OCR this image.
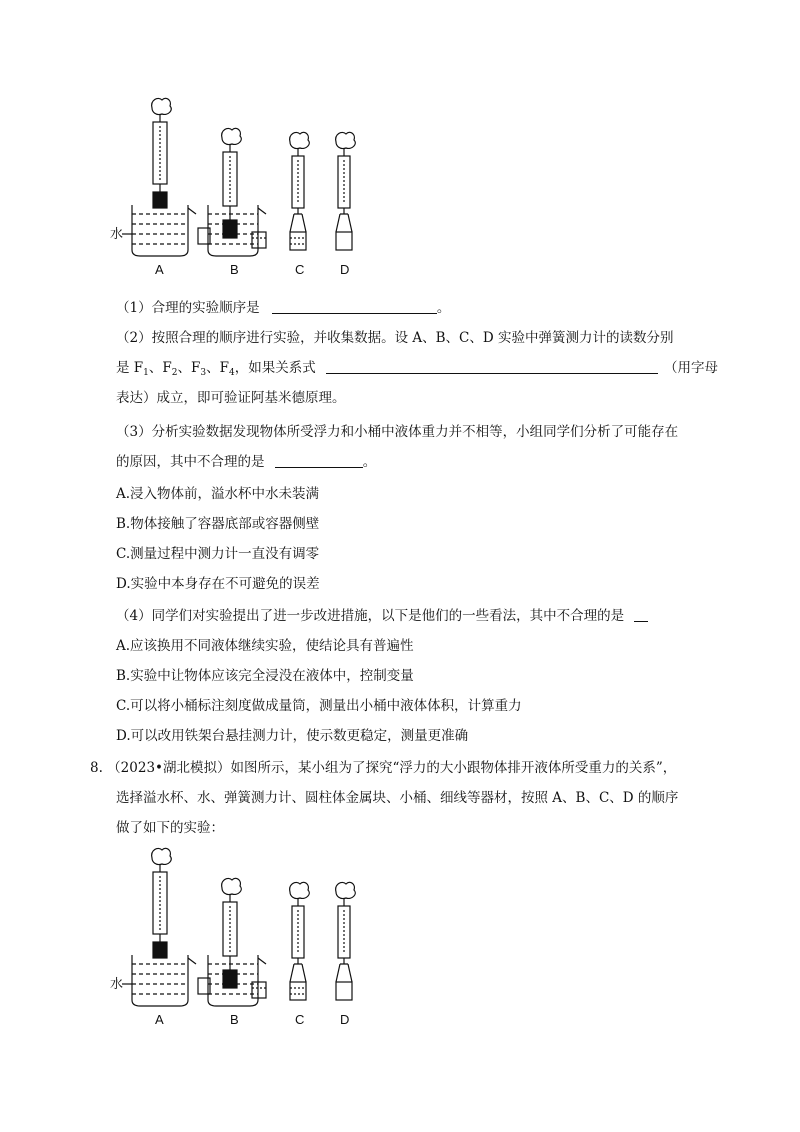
水
A	B	C	D
（1）合理的实验顺序是	。
（2）按照合理的顺序进行实验，并收集数据。设 A、B、C、D 实验中弹簧测力计的读数分别
是 $F_1$、$F_2$、$F_3$、$F_4$，如果关系式	（用字母
表达）成立，即可验证阿基米德原理。
（3）分析实验数据发现物体所受浮力和小桶中液体重力并不相等，小组同学们分析了可能存在
的原因，其中不合理的是	。
A.浸入物体前，溢水杯中水未装满
B.物体接触了容器底部或容器侧壁
C.测量过程中测力计一直没有调零
D.实验中本身存在不可避免的误差
（4）同学们对实验提出了进一步改进措施，以下是他们的一些看法，其中不合理的是
A.应该换用不同液体继续实验，使结论具有普遍性
B.实验中让物体应该完全浸没在液体中，控制变量
C.可以将小桶标注刻度做成量筒，测量出小桶中液体体积，计算重力
D.可以改用铁架台悬挂测力计，使示数更稳定，测量更准确
8. （2023•湖北模拟）如图所示，某小组为了探究“浮力的大小跟物体排开液体所受重力的关系”，
选择溢水杯、水、弹簧测力计、圆柱体金属块、小桶、细线等器材，按照 A、B、C、D 的顺序
做了如下的实验：
水
A	B	C	D
